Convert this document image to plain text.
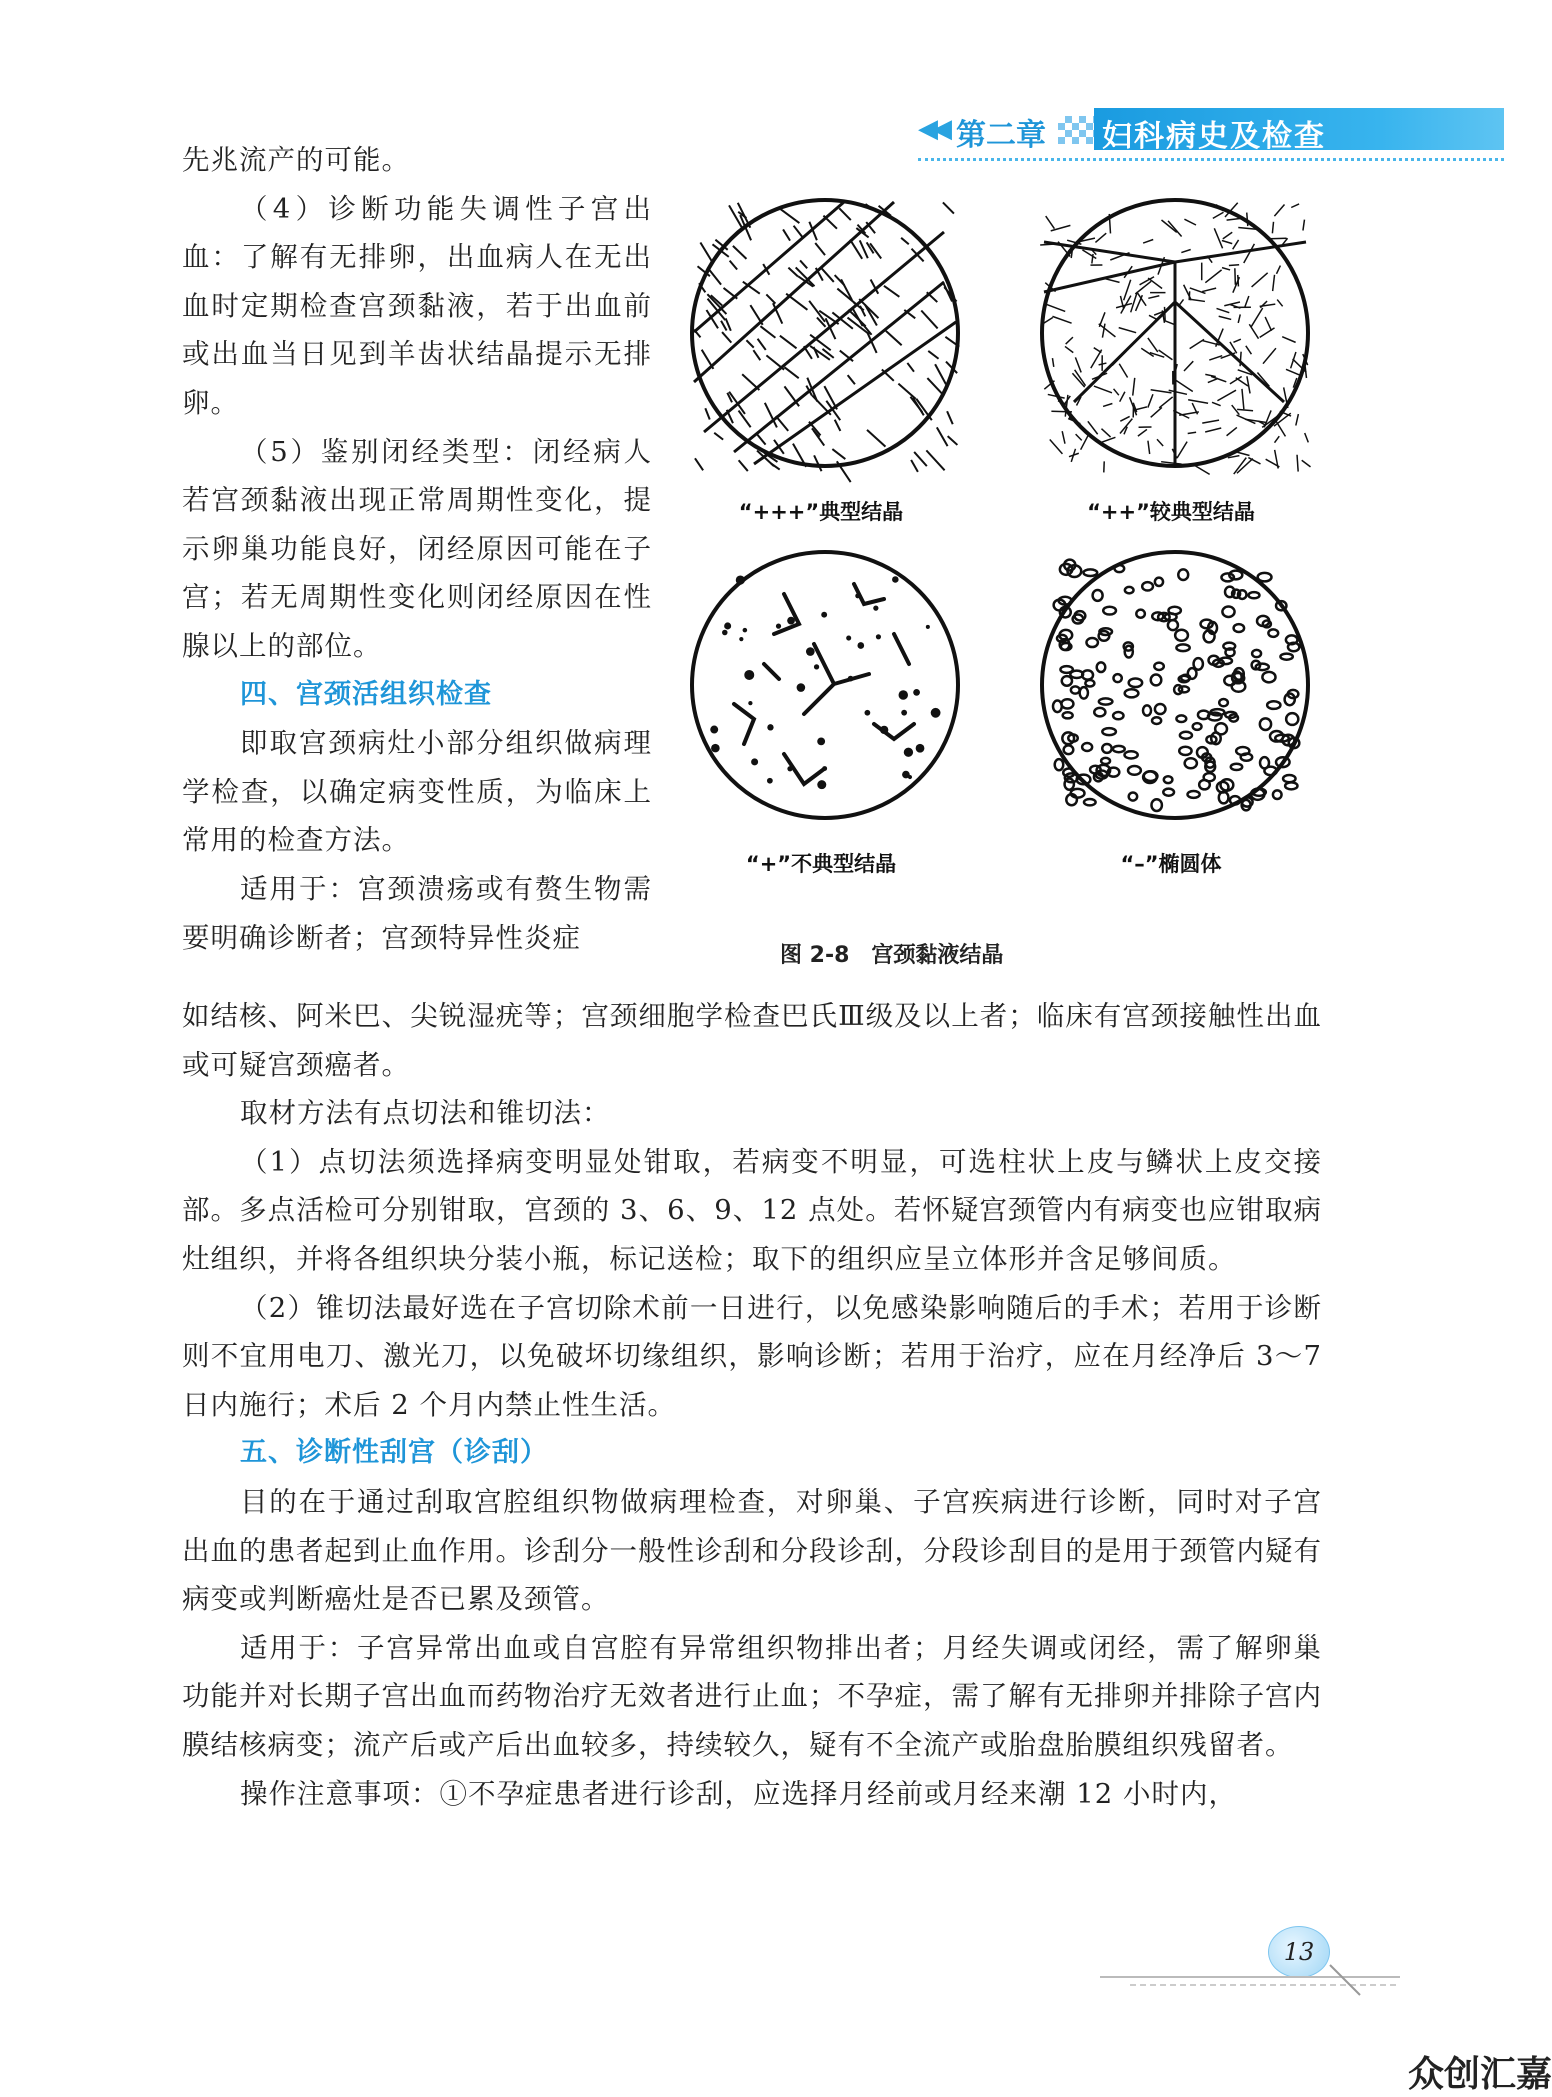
◀◀ 第二章 妇科病史及检查

先兆流产的可能。

（4）诊断功能失调性子宫出血：了解有无排卵，出血病人在无出血时定期检查宫颈黏液，若于出血前或出血当日见到羊齿状结晶提示无排卵。

（5）鉴别闭经类型：闭经病人若宫颈黏液出现正常周期性变化，提示卵巢功能良好，闭经原因可能在子宫；若无周期性变化则闭经原因在性腺以上的部位。

四、宫颈活组织检查

即取宫颈病灶小部分组织做病理学检查，以确定病变性质，为临床上常用的检查方法。

适用于：宫颈溃疡或有赘生物需要明确诊断者；宫颈特异性炎症

如结核、阿米巴、尖锐湿疣等；宫颈细胞学检查巴氏Ⅲ级及以上者；临床有宫颈接触性出血或可疑宫颈癌者。

取材方法有点切法和锥切法：

（1）点切法须选择病变明显处钳取，若病变不明显，可选柱状上皮与鳞状上皮交接部。多点活检可分别钳取，宫颈的 3、6、9、12 点处。若怀疑宫颈管内有病变也应钳取病灶组织，并将各组织块分装小瓶，标记送检；取下的组织应呈立体形并含足够间质。

（2）锥切法最好选在子宫切除术前一日进行，以免感染影响随后的手术；若用于诊断则不宜用电刀、激光刀，以免破坏切缘组织，影响诊断；若用于治疗，应在月经净后 3～7 日内施行；术后 2 个月内禁止性生活。

五、诊断性刮宫（诊刮）

目的在于通过刮取宫腔组织物做病理检查，对卵巢、子宫疾病进行诊断，同时对子宫出血的患者起到止血作用。诊刮分一般性诊刮和分段诊刮，分段诊刮目的是用于颈管内疑有病变或判断癌灶是否已累及颈管。

适用于：子宫异常出血或自宫腔有异常组织物排出者；月经失调或闭经，需了解卵巢功能并对长期子宫出血而药物治疗无效者进行止血；不孕症，需了解有无排卵并排除子宫内膜结核病变；流产后或产后出血较多，持续较久，疑有不全流产或胎盘胎膜组织残留者。

操作注意事项：①不孕症患者进行诊刮，应选择月经前或月经来潮 12 小时内，

“+++”典型结晶	“++”较典型结晶
“+”不典型结晶	“–”椭圆体
图 2-8 宫颈黏液结晶
13
众创汇嘉
